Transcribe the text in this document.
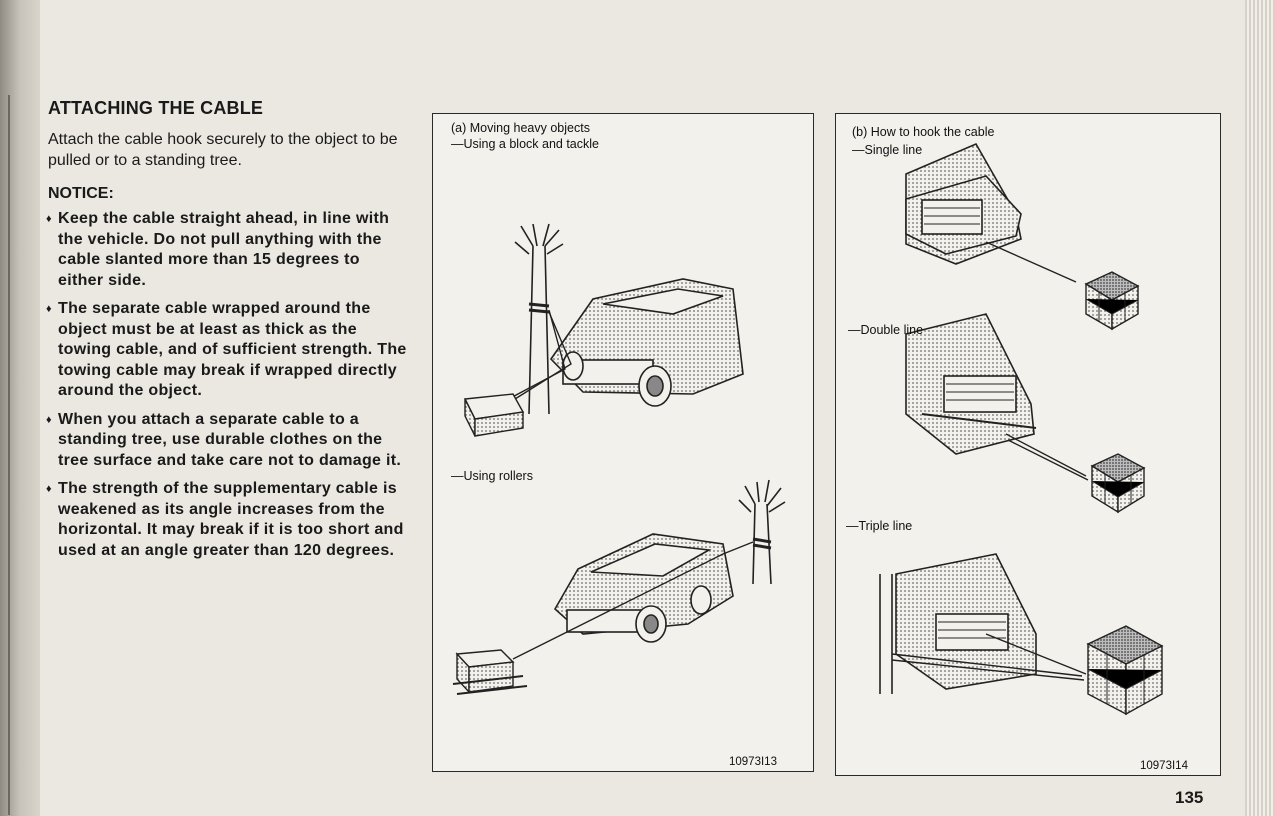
ATTACHING THE CABLE

Attach the cable hook securely to the object to be pulled or to a standing tree.

NOTICE:
♦ Keep the cable straight ahead, in line with the vehicle. Do not pull anything with the cable slanted more than 15 degrees to either side.
♦ The separate cable wrapped around the object must be at least as thick as the towing cable, and of sufficient strength. The towing cable may break if wrapped directly around the object.
♦ When you attach a separate cable to a standing tree, use durable clothes on the tree surface and take care not to damage it.
♦ The strength of the supplementary cable is weakened as its angle increases from the horizontal. It may break if it is too short and used at an angle greater than 120 degrees.
(a) Moving heavy objects
—Using a block and tackle
—Using rollers
10973I13
(b) How to hook the cable
—Single line
—Double line
—Triple line
10973I14
135
